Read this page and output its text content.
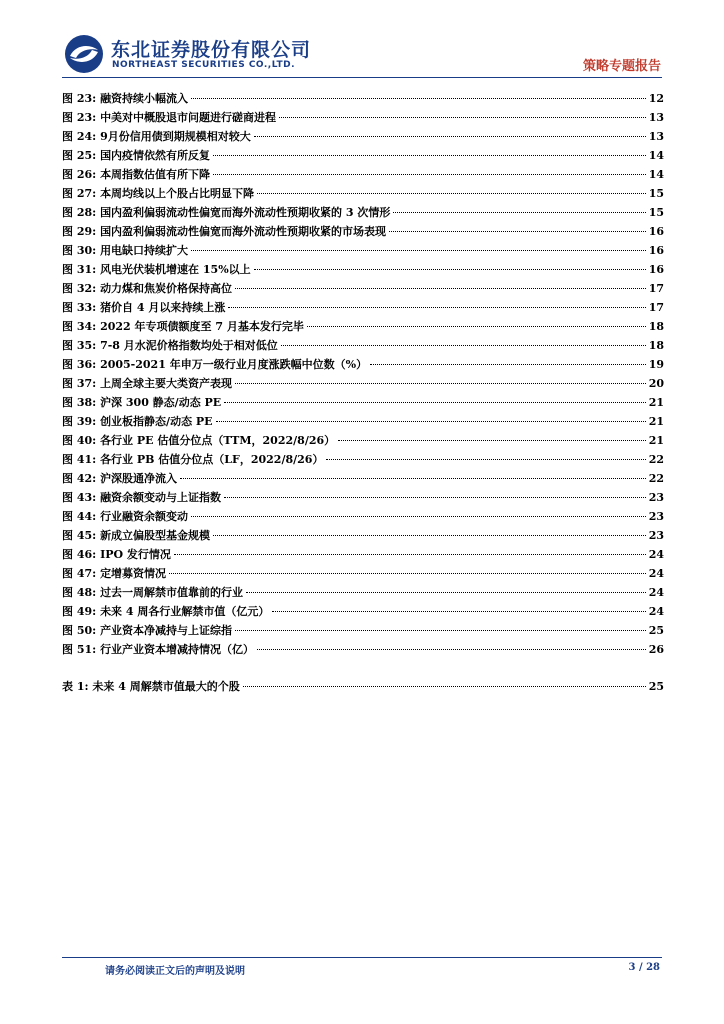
东北证券股份有限公司
NORTHEAST SECURITIES CO.,LTD.	策略专题报告
图 23: 融资持续小幅流入	12
图 23: 中美对中概股退市问题进行磋商进程	13
图 24: 9月份信用债到期规模相对较大	13
图 25: 国内疫情依然有所反复	14
图 26: 本周指数估值有所下降	14
图 27: 本周均线以上个股占比明显下降	15
图 28: 国内盈利偏弱流动性偏宽而海外流动性预期收紧的 3 次情形	15
图 29: 国内盈利偏弱流动性偏宽而海外流动性预期收紧的市场表现	16
图 30: 用电缺口持续扩大	16
图 31: 风电光伏装机增速在 15%以上	16
图 32: 动力煤和焦炭价格保持高位	17
图 33: 猪价自 4 月以来持续上涨	17
图 34: 2022 年专项债额度至 7 月基本发行完毕	18
图 35: 7-8 月水泥价格指数均处于相对低位	18
图 36: 2005-2021 年申万一级行业月度涨跌幅中位数（%）	19
图 37: 上周全球主要大类资产表现	20
图 38: 沪深 300 静态/动态 PE	21
图 39: 创业板指静态/动态 PE	21
图 40: 各行业 PE 估值分位点（TTM，2022/8/26）	21
图 41: 各行业 PB 估值分位点（LF，2022/8/26）	22
图 42: 沪深股通净流入	22
图 43: 融资余额变动与上证指数	23
图 44: 行业融资余额变动	23
图 45: 新成立偏股型基金规模	23
图 46: IPO 发行情况	24
图 47: 定增募资情况	24
图 48: 过去一周解禁市值靠前的行业	24
图 49: 未来 4 周各行业解禁市值（亿元）	24
图 50: 产业资本净减持与上证综指	25
图 51: 行业产业资本增减持情况（亿）	26
表 1: 未来 4 周解禁市值最大的个股	25
请务必阅读正文后的声明及说明	3 / 28
